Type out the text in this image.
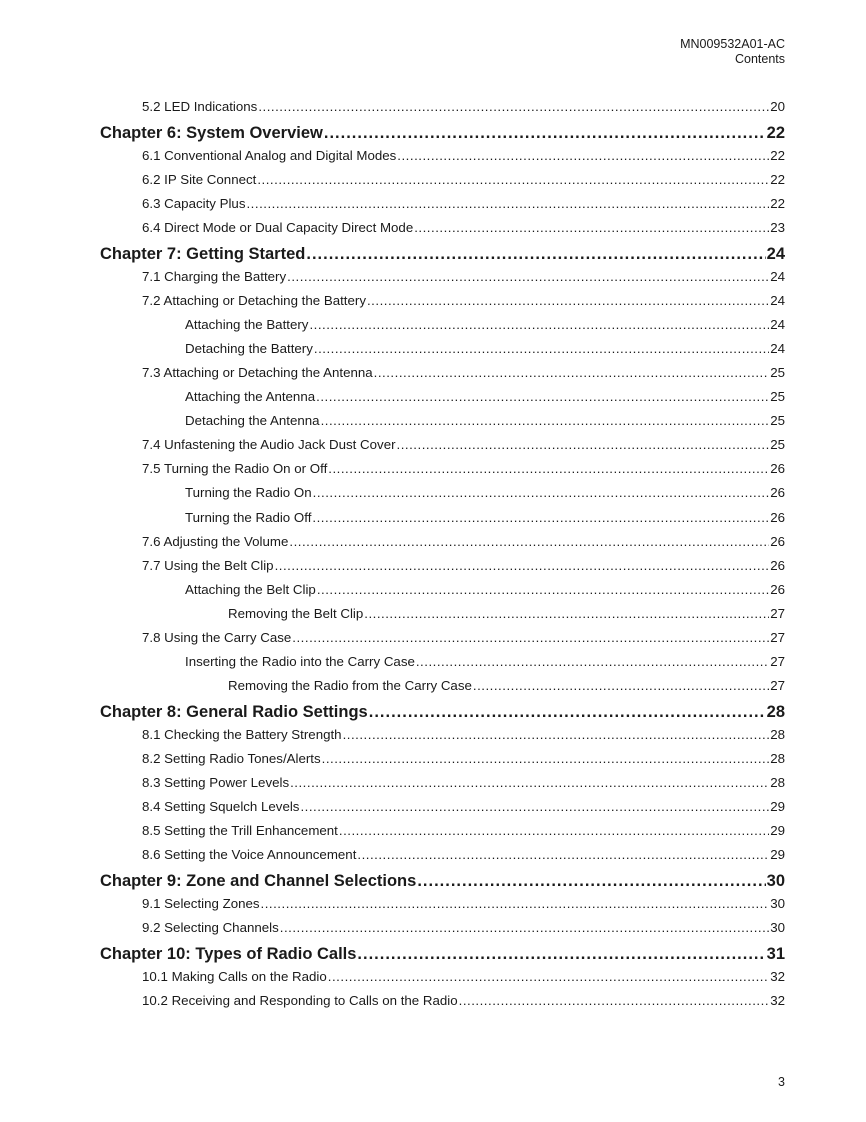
MN009532A01-AC
Contents
5.2 LED Indications .....	20
Chapter 6: System Overview .....	22
6.1 Conventional Analog and Digital Modes .....	22
6.2 IP Site Connect .....	22
6.3 Capacity Plus .....	22
6.4 Direct Mode or Dual Capacity Direct Mode .....	23
Chapter 7: Getting Started .....	24
7.1 Charging the Battery .....	24
7.2 Attaching or Detaching the Battery .....	24
Attaching the Battery .....	24
Detaching the Battery .....	24
7.3 Attaching or Detaching the Antenna .....	25
Attaching the Antenna .....	25
Detaching the Antenna .....	25
7.4 Unfastening the Audio Jack Dust Cover .....	25
7.5 Turning the Radio On or Off .....	26
Turning the Radio On .....	26
Turning the Radio Off .....	26
7.6 Adjusting the Volume .....	26
7.7 Using the Belt Clip .....	26
Attaching the Belt Clip .....	26
Removing the Belt Clip .....	27
7.8 Using the Carry Case .....	27
Inserting the Radio into the Carry Case .....	27
Removing the Radio from the Carry Case .....	27
Chapter 8: General Radio Settings .....	28
8.1 Checking the Battery Strength .....	28
8.2 Setting Radio Tones/Alerts .....	28
8.3 Setting Power Levels .....	28
8.4 Setting Squelch Levels .....	29
8.5 Setting the Trill Enhancement .....	29
8.6 Setting the Voice Announcement .....	29
Chapter 9: Zone and Channel Selections .....	30
9.1 Selecting Zones .....	30
9.2 Selecting Channels .....	30
Chapter 10: Types of Radio Calls .....	31
10.1 Making Calls on the Radio .....	32
10.2 Receiving and Responding to Calls on the Radio .....	32
3
